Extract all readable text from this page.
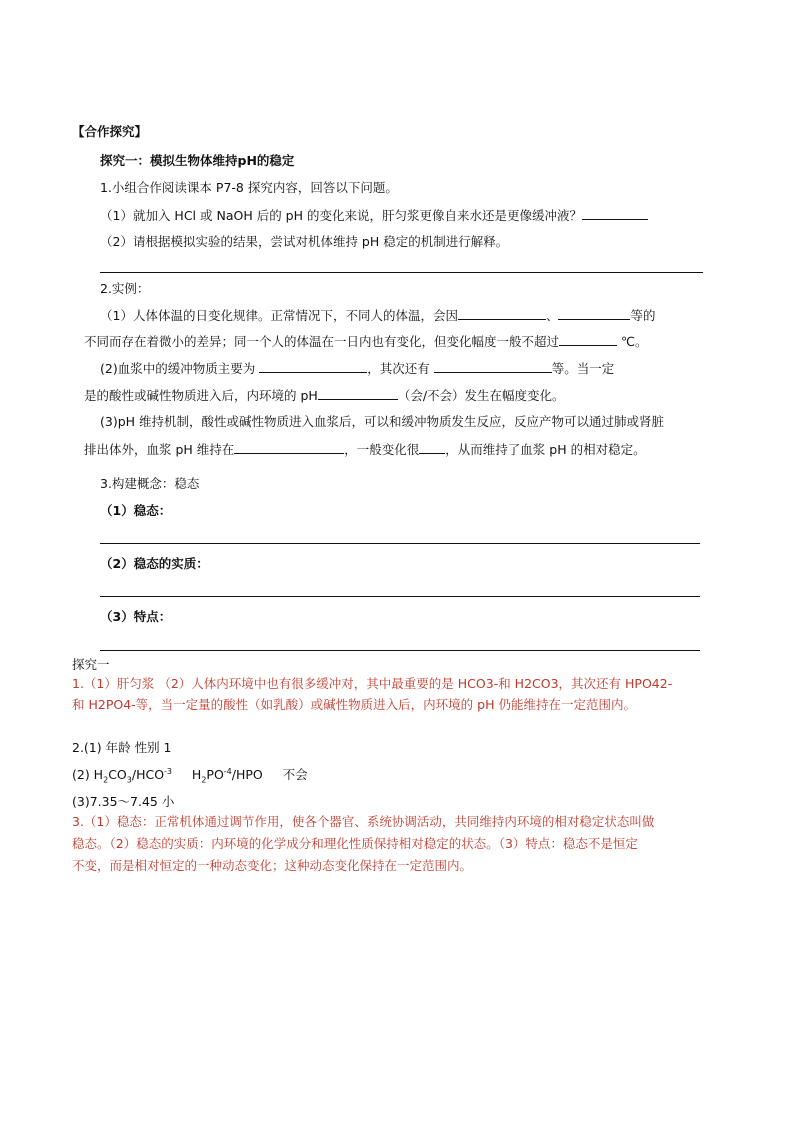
【合作探究】
探究一：模拟生物体维持pH的稳定
1.小组合作阅读课本 P7-8 探究内容，回答以下问题。
（1）就加入 HCl 或 NaOH 后的 pH 的变化来说，肝匀浆更像自来水还是更像缓冲液？
（2）请根据模拟实验的结果，尝试对机体维持 pH 稳定的机制进行解释。
2.实例：
（1）人体体温的日变化规律。正常情况下，不同人的体温，会因	、	等的
不同而存在着微小的差异；同一个人的体温在一日内也有变化，但变化幅度一般不超过	℃。
(2)血浆中的缓冲物质主要为	，其次还有	等。当一定
是的酸性或碱性物质进入后，内环境的 pH	（会/不会）发生在幅度变化。
(3)pH 维持机制，酸性或碱性物质进入血浆后，可以和缓冲物质发生反应，反应产物可以通过肺或肾脏
排出体外，血浆 pH 维持在	，一般变化很 ，从而维持了血浆 pH 的相对稳定。
3.构建概念：稳态
（1）稳态：
（2）稳态的实质：
（3）特点：
探究一
1.（1）肝匀浆 （2）人体内环境中也有很多缓冲对，其中最重要的是 HCO3-和 H2CO3，其次还有 HPO42-
和 H2PO4-等，当一定量的酸性（如乳酸）或碱性物质进入后，内环境的 pH 仍能维持在一定范围内。
2.(1) 年龄 性别 1
(2) $H_2CO_3/HCO^{-3}$     $H_2PO^{-4}$/HPO     不会
(3)7.35～7.45 小
3.（1）稳态：正常机体通过调节作用，使各个器官、系统协调活动，共同维持内环境的相对稳定状态叫做
稳态。（2）稳态的实质：内环境的化学成分和理化性质保持相对稳定的状态。（3）特点：稳态不是恒定
不变，而是相对恒定的一种动态变化；这种动态变化保持在一定范围内。
